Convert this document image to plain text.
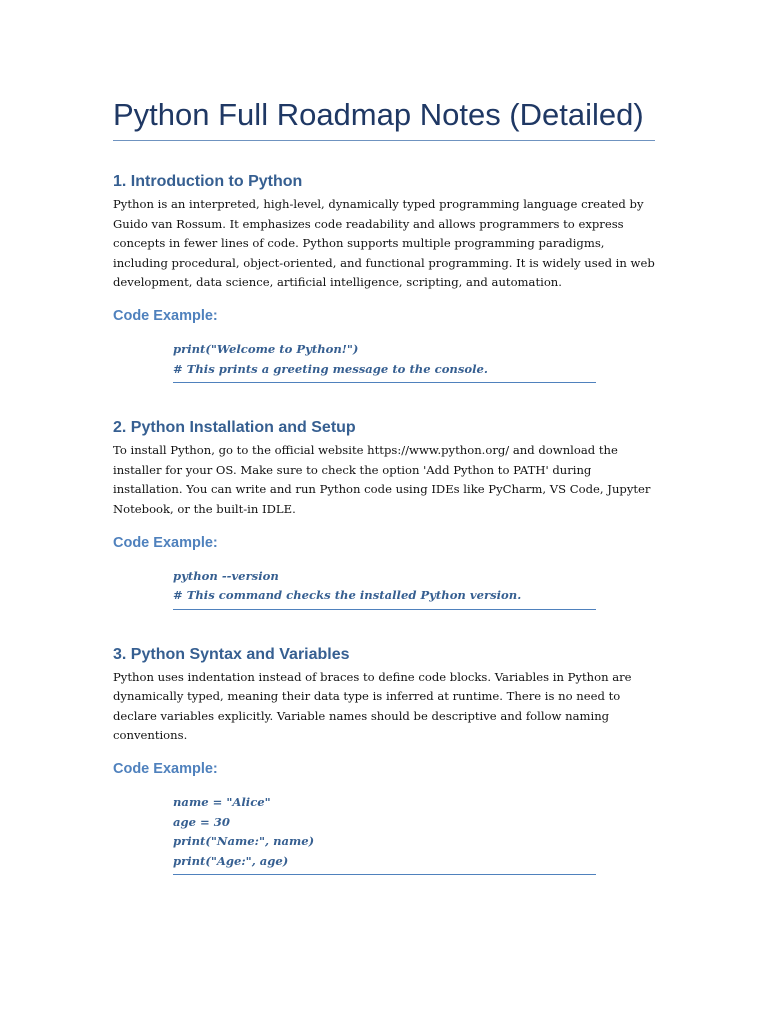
Python Full Roadmap Notes (Detailed)
1. Introduction to Python
Python is an interpreted, high-level, dynamically typed programming language created by
Guido van Rossum. It emphasizes code readability and allows programmers to express
concepts in fewer lines of code. Python supports multiple programming paradigms,
including procedural, object-oriented, and functional programming. It is widely used in web
development, data science, artificial intelligence, scripting, and automation.
Code Example:
print("Welcome to Python!")
# This prints a greeting message to the console.
2. Python Installation and Setup
To install Python, go to the official website https://www.python.org/ and download the
installer for your OS. Make sure to check the option 'Add Python to PATH' during
installation. You can write and run Python code using IDEs like PyCharm, VS Code, Jupyter
Notebook, or the built-in IDLE.
Code Example:
python --version
# This command checks the installed Python version.
3. Python Syntax and Variables
Python uses indentation instead of braces to define code blocks. Variables in Python are
dynamically typed, meaning their data type is inferred at runtime. There is no need to
declare variables explicitly. Variable names should be descriptive and follow naming
conventions.
Code Example:
name = "Alice"
age = 30
print("Name:", name)
print("Age:", age)
